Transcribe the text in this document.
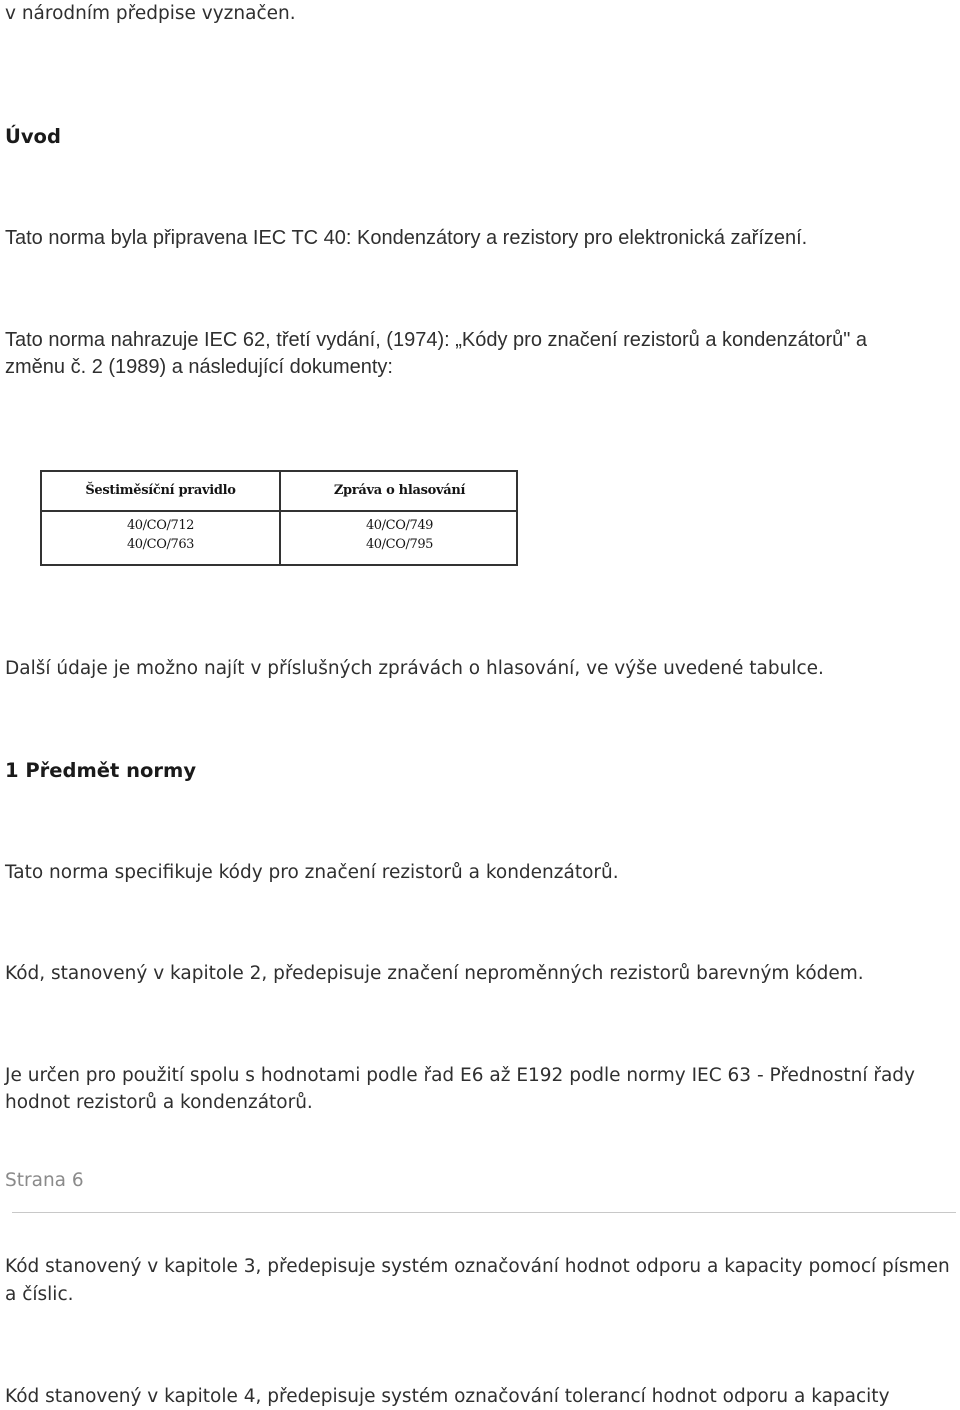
v národním předpise vyznačen.
Úvod
Tato norma byla připravena IEC TC 40: Kondenzátory a rezistory pro elektronická zařízení.
Tato norma nahrazuje IEC 62, třetí vydání, (1974): „Kódy pro značení rezistorů a kondenzátorů" a
změnu č. 2 (1989) a následující dokumenty:
Šestiměsíční pravidlo
40/CO/712
40/CO/763
Zpráva o hlasování
40/CO/749
40/CO/795
Další údaje je možno najít v příslušných zprávách o hlasování, ve výše uvedené tabulce.
1 Předmět normy
Tato norma specifikuje kódy pro značení rezistorů a kondenzátorů.
Kód, stanovený v kapitole 2, předepisuje značení neproměnných rezistorů barevným kódem.
Je určen pro použití spolu s hodnotami podle řad E6 až E192 podle normy IEC 63 - Přednostní řady
hodnot rezistorů a kondenzátorů.
Strana 6
Kód stanovený v kapitole 3, předepisuje systém označování hodnot odporu a kapacity pomocí písmen
a číslic.
Kód stanovený v kapitole 4, předepisuje systém označování tolerancí hodnot odporu a kapacity
